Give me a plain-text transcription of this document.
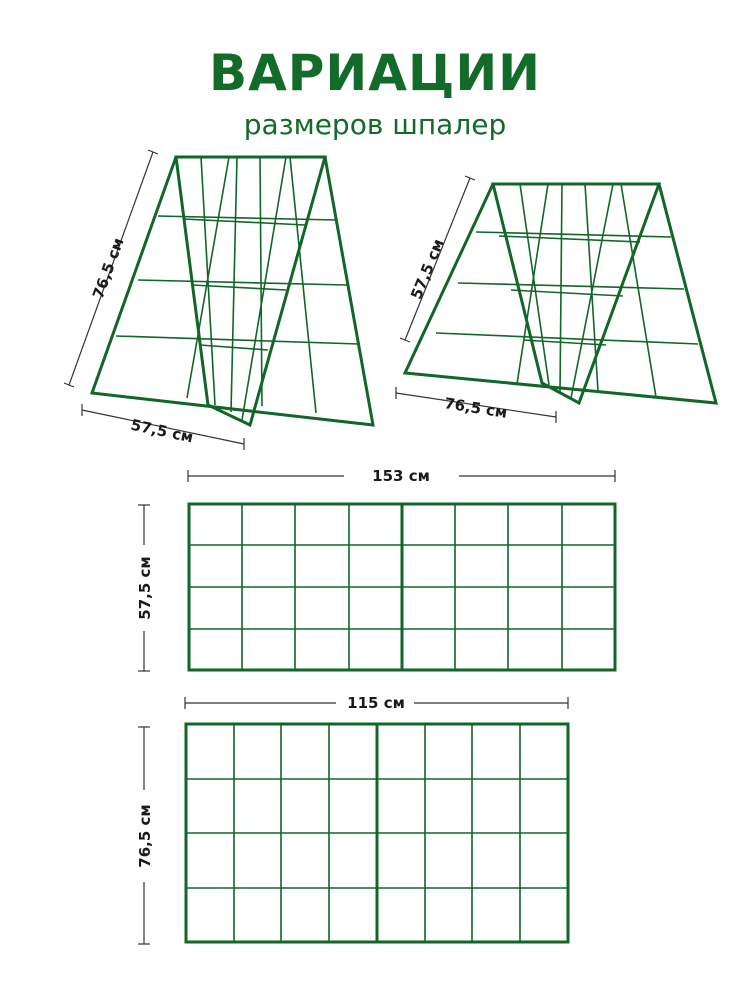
ВАРИАЦИИ
размеров шпалер
76,5 см
57,5 см
57,5 см
76,5 см
153 см
57,5 см
115 см
76,5 см
